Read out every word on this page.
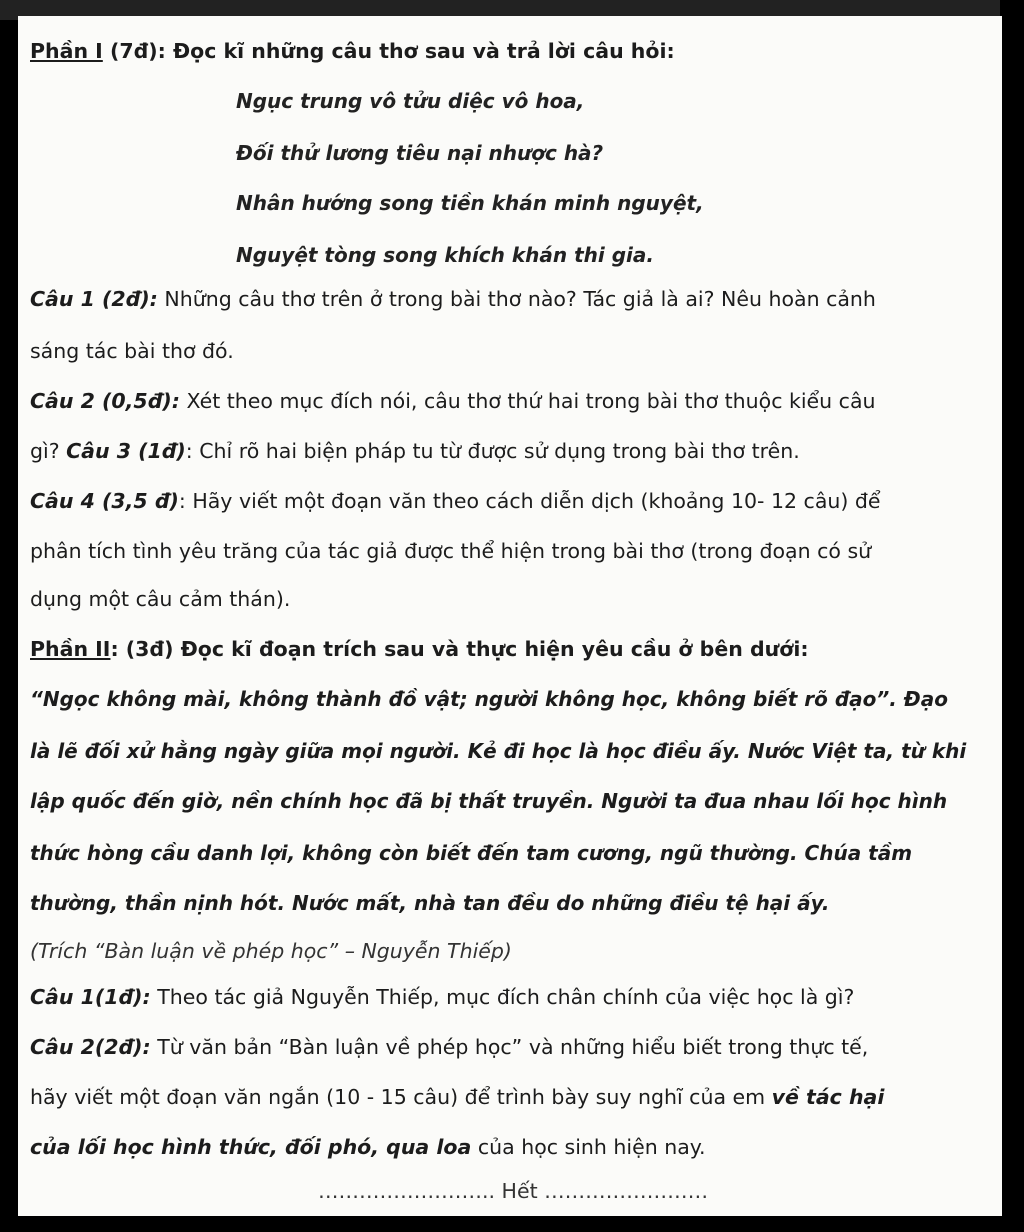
Phần I (7đ): Đọc kĩ những câu thơ sau và trả lời câu hỏi:
Ngục trung vô tửu diệc vô hoa,
Đối thử lương tiêu nại nhược hà?
Nhân hướng song tiền khán minh nguyệt,
Nguyệt tòng song khích khán thi gia.
Câu 1 (2đ): Những câu thơ trên ở trong bài thơ nào? Tác giả là ai? Nêu hoàn cảnh
sáng tác bài thơ đó.
Câu 2 (0,5đ): Xét theo mục đích nói, câu thơ thứ hai trong bài thơ thuộc kiểu câu
gì? Câu 3 (1đ): Chỉ rõ hai biện pháp tu từ được sử dụng trong bài thơ trên.
Câu 4 (3,5 đ): Hãy viết một đoạn văn theo cách diễn dịch (khoảng 10- 12 câu) để
phân tích tình yêu trăng của tác giả được thể hiện trong bài thơ (trong đoạn có sử
dụng một câu cảm thán).
Phần II: (3đ) Đọc kĩ đoạn trích sau và thực hiện yêu cầu ở bên dưới:
“Ngọc không mài, không thành đồ vật; người không học, không biết rõ đạo”. Đạo
là lẽ đối xử hằng ngày giữa mọi người. Kẻ đi học là học điều ấy. Nước Việt ta, từ khi
lập quốc đến giờ, nền chính học đã bị thất truyền. Người ta đua nhau lối học hình
thức hòng cầu danh lợi, không còn biết đến tam cương, ngũ thường. Chúa tầm
thường, thần nịnh hót. Nước mất, nhà tan đều do những điều tệ hại ấy.
(Trích “Bàn luận về phép học” – Nguyễn Thiếp)
Câu 1(1đ): Theo tác giả Nguyễn Thiếp, mục đích chân chính của việc học là gì?
Câu 2(2đ): Từ văn bản “Bàn luận về phép học” và những hiểu biết trong thực tế,
hãy viết một đoạn văn ngắn (10 - 15 câu) để trình bày suy nghĩ của em về tác hại
của lối học hình thức, đối phó, qua loa của học sinh hiện nay.
…………………….. Hết ……………………
